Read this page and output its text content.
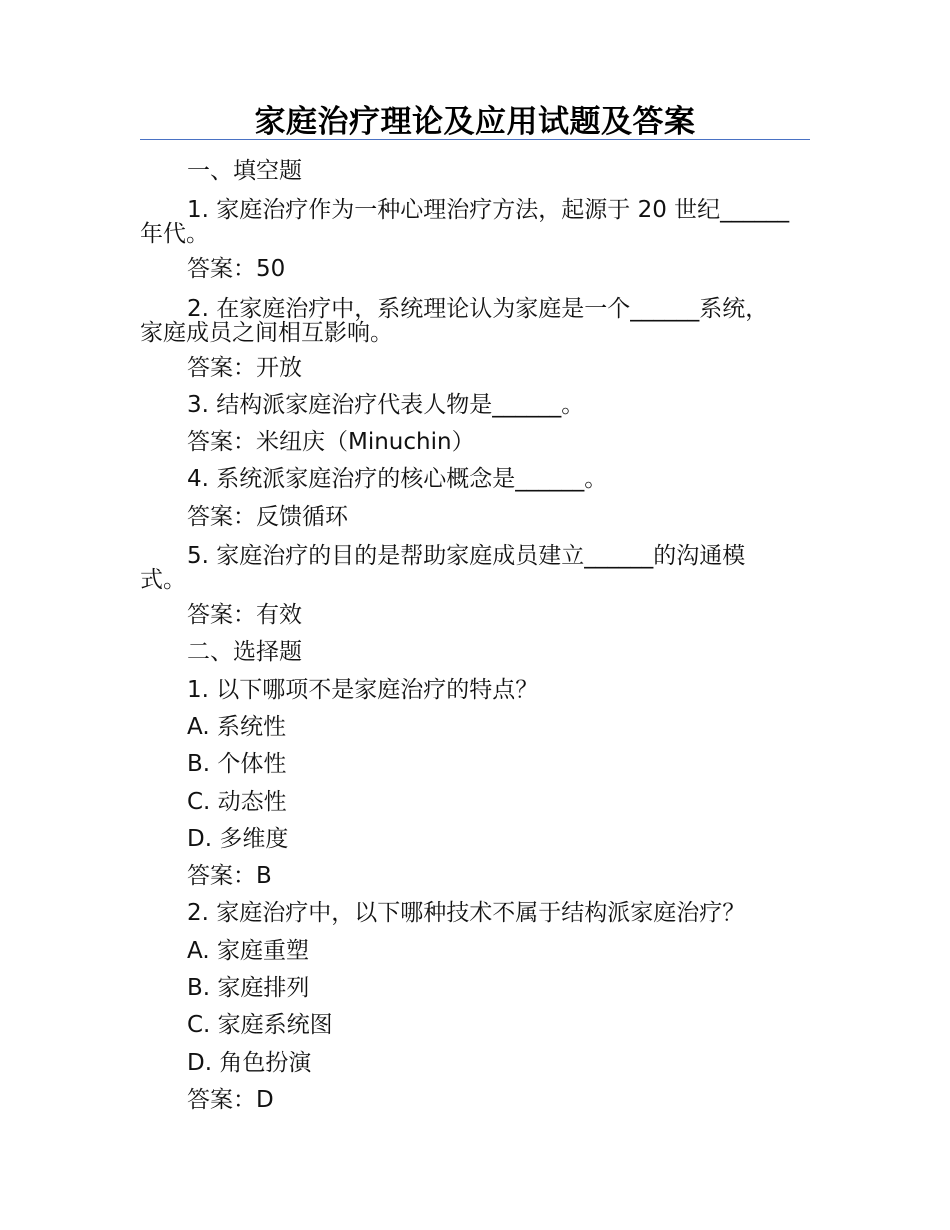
家庭治疗理论及应用试题及答案
一、填空题
1. 家庭治疗作为一种心理治疗方法，起源于 20 世纪______年代。
答案：50
2. 在家庭治疗中，系统理论认为家庭是一个______系统，家庭成员之间相互影响。
答案：开放
3. 结构派家庭治疗代表人物是______。
答案：米纽庆（Minuchin）
4. 系统派家庭治疗的核心概念是______。
答案：反馈循环
5. 家庭治疗的目的是帮助家庭成员建立______的沟通模式。
答案：有效
二、选择题
1. 以下哪项不是家庭治疗的特点？
A. 系统性
B. 个体性
C. 动态性
D. 多维度
答案：B
2. 家庭治疗中，以下哪种技术不属于结构派家庭治疗？
A. 家庭重塑
B. 家庭排列
C. 家庭系统图
D. 角色扮演
答案：D
